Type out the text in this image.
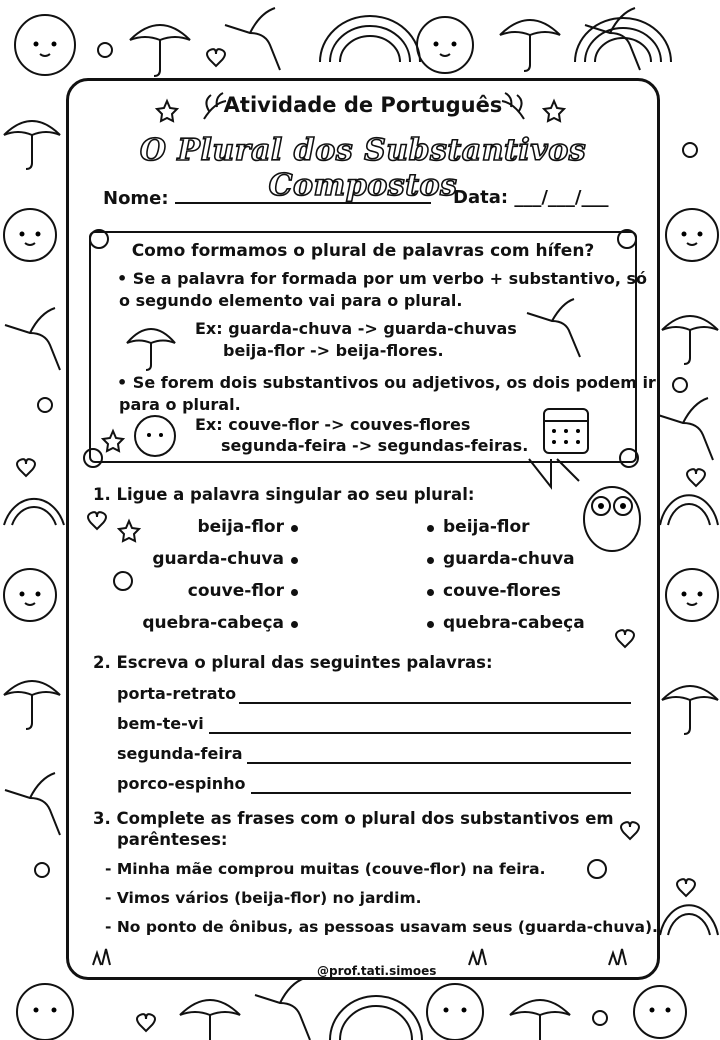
Atividade de Português
O Plural dos Substantivos Compostos
Nome:	Data: ___/___/___
Como formamos o plural de palavras com hífen?
• Se a palavra for formada por um verbo + substantivo, só
o segundo elemento vai para o plural.
Ex: guarda-chuva -> guarda-chuvas
beija-flor -> beija-flores.
• Se forem dois substantivos ou adjetivos, os dois podem ir
para o plural.
Ex: couve-flor -> couves-flores
segunda-feira -> segundas-feiras.
1. Ligue a palavra singular ao seu plural:
beija-flor
guarda-chuva
couve-flor
quebra-cabeça
beija-flor
guarda-chuva
couve-flores
quebra-cabeça
2. Escreva o plural das seguintes palavras:
porta-retrato
bem-te-vi
segunda-feira
porco-espinho
3. Complete as frases com o plural dos substantivos em
parênteses:
- Minha mãe comprou muitas (couve-flor) na feira.
- Vimos vários (beija-flor) no jardim.
- No ponto de ônibus, as pessoas usavam seus (guarda-chuva).
@prof.tati.simoes
